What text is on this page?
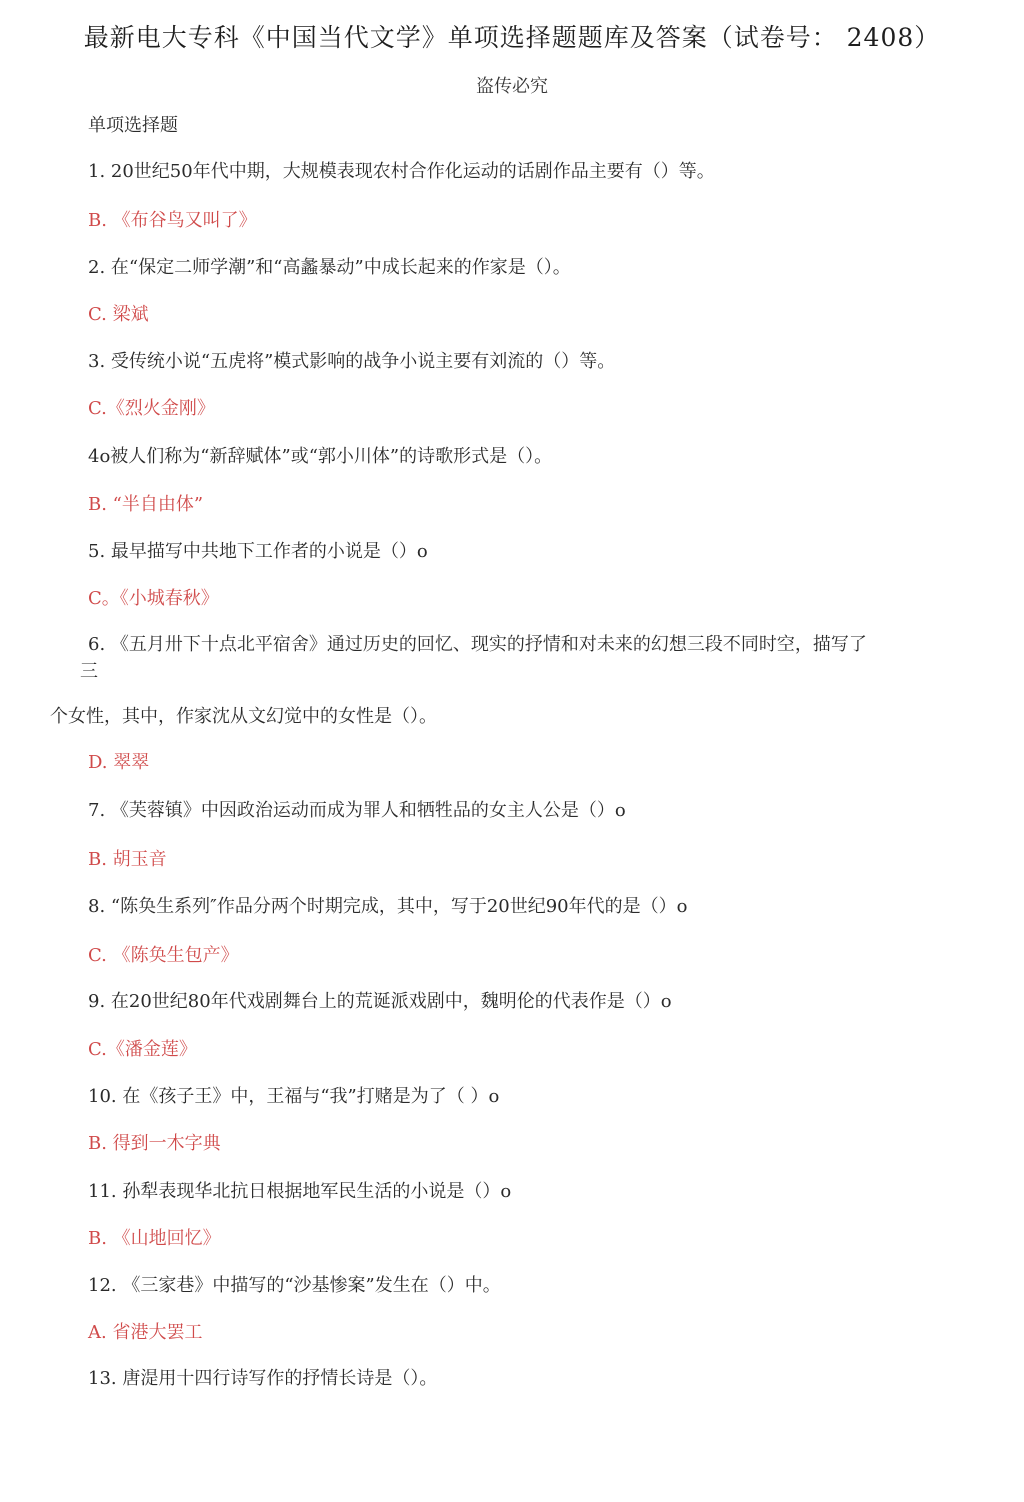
最新电大专科《中国当代文学》单项选择题题库及答案（试卷号： 2408）
盗传必究
单项选择题
1. 20世纪50年代中期，大规模表现农村合作化运动的话剧作品主要有（）等。
B. 《布谷鸟又叫了》
2. 在“保定二师学潮”和“高蠡暴动”中成长起来的作家是（）。
C. 梁斌
3. 受传统小说“五虎将”模式影响的战争小说主要有刘流的（）等。
C.《烈火金刚》
4o被人们称为“新辞赋体”或“郭小川体”的诗歌形式是（）。
B. “半自由体”
5. 最早描写中共地下工作者的小说是（）o
C。《小城春秋》
6. 《五月卅下十点北平宿舍》通过历史的回忆、现实的抒情和对未来的幻想三段不同时空，描写了
三
个女性，其中，作家沈从文幻觉中的女性是（）。
D. 翠翠
7. 《芙蓉镇》中因政治运动而成为罪人和牺牲品的女主人公是（）o
B. 胡玉音
8. “陈奂生系列″作品分两个时期完成，其中，写于20世纪90年代的是（）o
C. 《陈奂生包产》
9. 在20世纪80年代戏剧舞台上的荒诞派戏剧中，魏明伦的代表作是（）o
C.《潘金莲》
10. 在《孩子王》中，王福与“我”打赌是为了（ ）o
B. 得到一木字典
11. 孙犁表现华北抗日根据地军民生活的小说是（）o
B. 《山地回忆》
12. 《三家巷》中描写的“沙基惨案”发生在（）中。
A. 省港大罢工
13. 唐湜用十四行诗写作的抒情长诗是（）。
